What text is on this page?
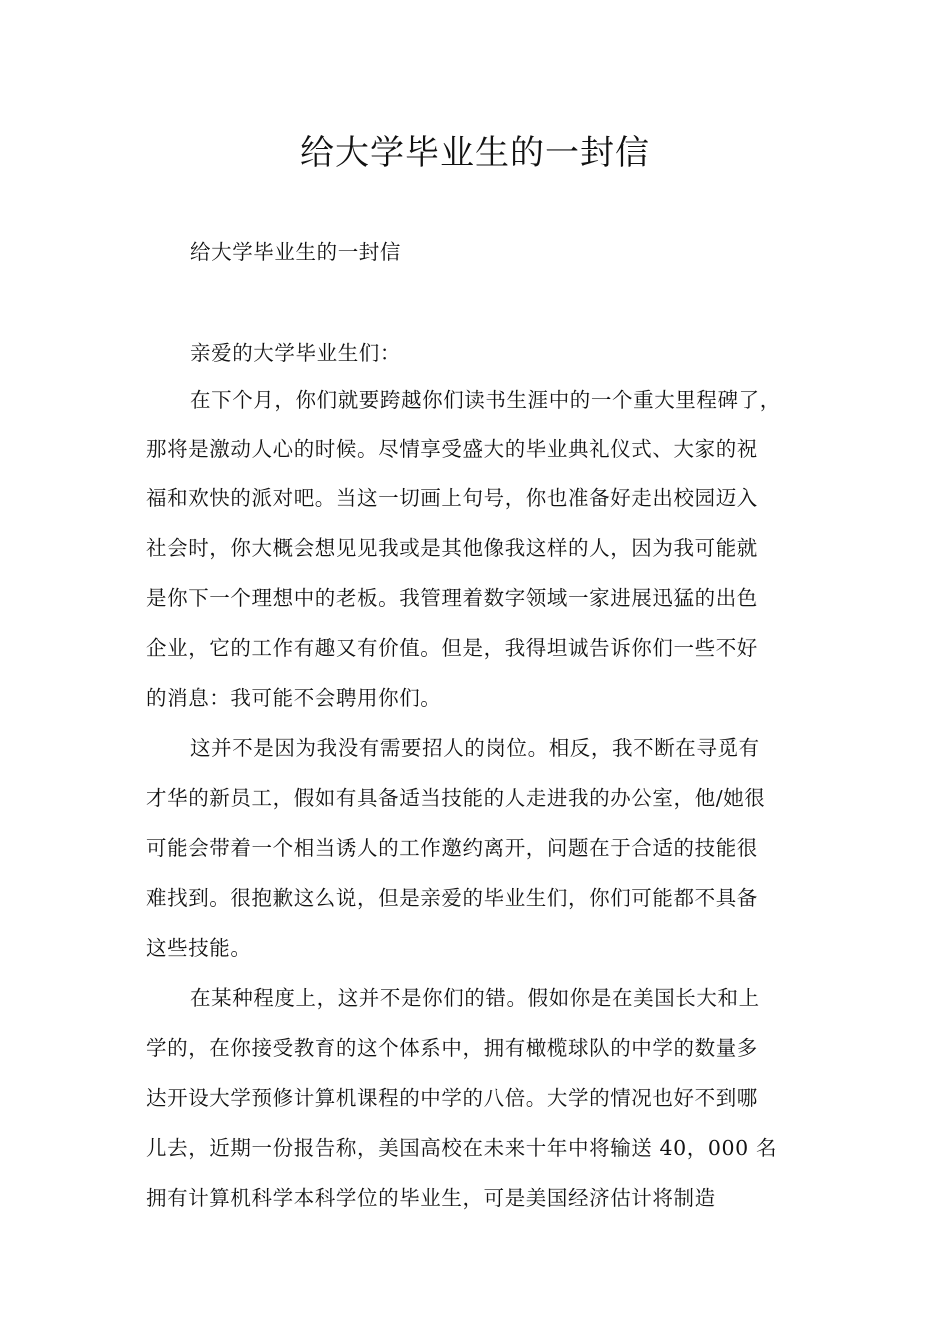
给大学毕业生的一封信
给大学毕业生的一封信
亲爱的大学毕业生们：
在下个月，你们就要跨越你们读书生涯中的一个重大里程碑了，
那将是激动人心的时候。尽情享受盛大的毕业典礼仪式、大家的祝
福和欢快的派对吧。当这一切画上句号，你也准备好走出校园迈入
社会时，你大概会想见见我或是其他像我这样的人，因为我可能就
是你下一个理想中的老板。我管理着数字领域一家进展迅猛的出色
企业，它的工作有趣又有价值。但是，我得坦诚告诉你们一些不好
的消息：我可能不会聘用你们。
这并不是因为我没有需要招人的岗位。相反，我不断在寻觅有
才华的新员工，假如有具备适当技能的人走进我的办公室，他/她很
可能会带着一个相当诱人的工作邀约离开，问题在于合适的技能很
难找到。很抱歉这么说，但是亲爱的毕业生们，你们可能都不具备
这些技能。
在某种程度上，这并不是你们的错。假如你是在美国长大和上
学的，在你接受教育的这个体系中，拥有橄榄球队的中学的数量多
达开设大学预修计算机课程的中学的八倍。大学的情况也好不到哪
儿去，近期一份报告称，美国高校在未来十年中将输送 40，000 名
拥有计算机科学本科学位的毕业生，可是美国经济估计将制造
